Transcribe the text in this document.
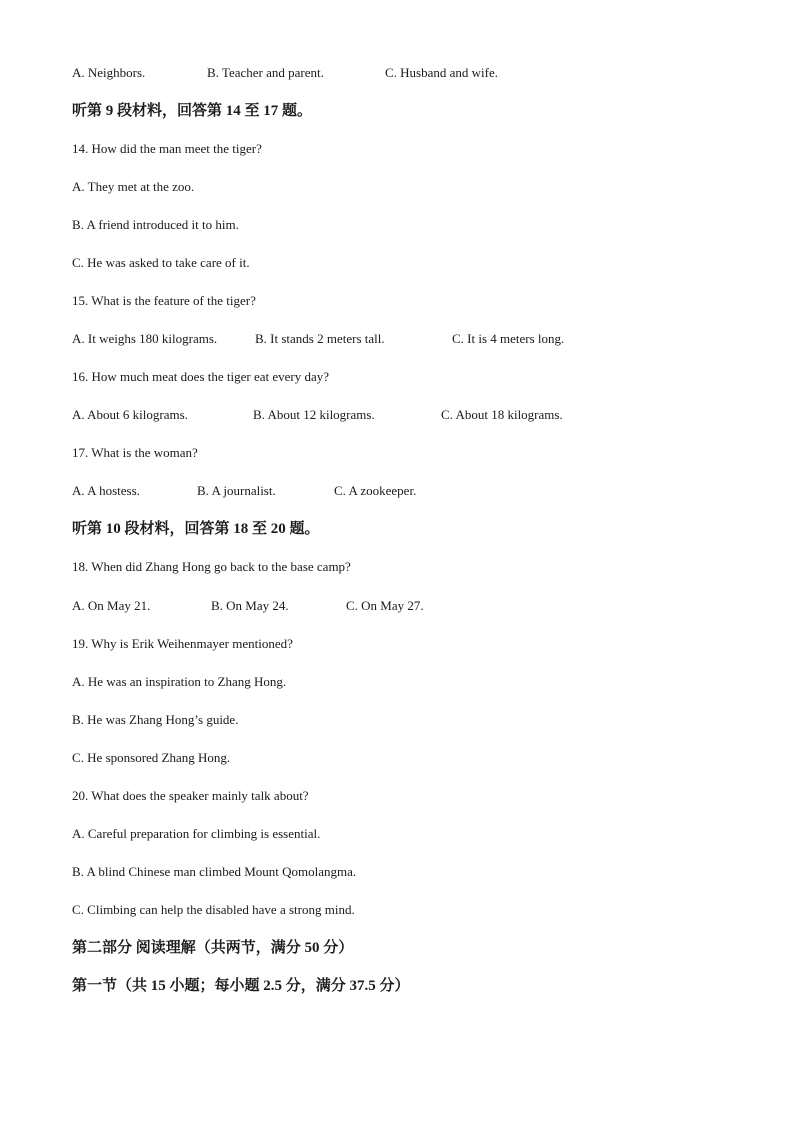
A. Neighbors.	B. Teacher and parent.	C. Husband and wife.
听第 9 段材料，回答第 14 至 17 题。
14. How did the man meet the tiger?
A. They met at the zoo.
B. A friend introduced it to him.
C. He was asked to take care of it.
15. What is the feature of the tiger?
A. It weighs 180 kilograms.	B. It stands 2 meters tall.	C. It is 4 meters long.
16. How much meat does the tiger eat every day?
A. About 6 kilograms.	B. About 12 kilograms.	C. About 18 kilograms.
17. What is the woman?
A. A hostess.	B. A journalist.	C. A zookeeper.
听第 10 段材料，回答第 18 至 20 题。
18. When did Zhang Hong go back to the base camp?
A. On May 21.	B. On May 24.	C. On May 27.
19. Why is Erik Weihenmayer mentioned?
A. He was an inspiration to Zhang Hong.
B. He was Zhang Hong’s guide.
C. He sponsored Zhang Hong.
20. What does the speaker mainly talk about?
A. Careful preparation for climbing is essential.
B. A blind Chinese man climbed Mount Qomolangma.
C. Climbing can help the disabled have a strong mind.
第二部分 阅读理解（共两节，满分 50 分）
第一节（共 15 小题；每小题 2.5 分，满分 37.5 分）
